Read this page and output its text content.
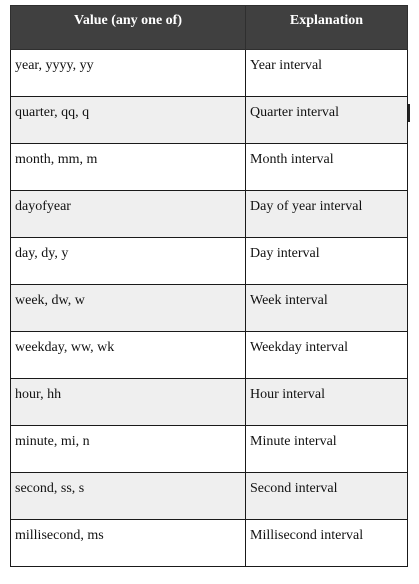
Value (any one of)	Explanation

year, yyyy, yy	Year interval

quarter, qq, q	Quarter interval

month, mm, m	Month interval

dayofyear	Day of year interval

day, dy, y	Day interval

week, dw, w	Week interval

weekday, ww, wk	Weekday interval

hour, hh	Hour interval

minute, mi, n	Minute interval

second, ss, s	Second interval

millisecond, ms	Millisecond interval
